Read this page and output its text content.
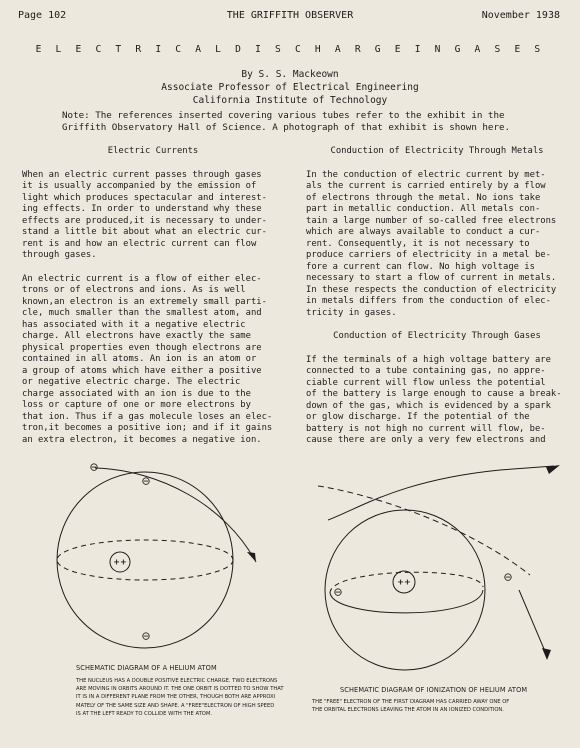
Page 102	THE GRIFFITH OBSERVER	November 1938
E L E C T R I C A L D I S C H A R G E I N G A S E S
By S. S. Mackeown
Associate Professor of Electrical Engineering
California Institute of Technology
Note: The references inserted covering various tubes refer to the exhibit in the
Griffith Observatory Hall of Science. A photograph of that exhibit is shown here.
Electric Currents
When an electric current passes through gases
it is usually accompanied by the emission of
light which produces spectacular and interest-
ing effects. In order to understand why these
effects are produced,it is necessary to under-
stand a little bit about what an electric cur-
rent is and how an electric current can flow
through gases.
An electric current is a flow of either elec-
trons or of electrons and ions. As is well
known,an electron is an extremely small parti-
cle, much smaller than the smallest atom, and
has associated with it a negative electric
charge. All electrons have exactly the same
physical properties even though electrons are
contained in all atoms. An ion is an atom or
a group of atoms which have either a positive
or negative electric charge. The electric
charge associated with an ion is due to the
loss or capture of one or more electrons by
that ion. Thus if a gas molecule loses an elec-
tron,it becomes a positive ion; and if it gains
an extra electron, it becomes a negative ion.
Conduction of Electricity Through Metals
In the conduction of electric current by met-
als the current is carried entirely by a flow
of electrons through the metal. No ions take
part in metallic conduction. All metals con-
tain a large number of so-called free electrons
which are always available to conduct a cur-
rent. Consequently, it is not necessary to
produce carriers of electricity in a metal be-
fore a current can flow. No high voltage is
necessary to start a flow of current in metals.
In these respects the conduction of electricity
in metals differs from the conduction of elec-
tricity in gases.
Conduction of Electricity Through Gases
If the terminals of a high voltage battery are
connected to a tube containing gas, no appre-
ciable current will flow unless the potential
of the battery is large enough to cause a break-
down of the gas, which is evidenced by a spark
or glow discharge. If the potential of the
battery is not high no current will flow, be-
cause there are only a very few electrons and
⊖
⊖
⊖
++
⊖
⊖
++
SCHEMATIC DIAGRAM OF A HELIUM ATOM
THE NUCLEUS HAS A DOUBLE POSITIVE ELECTRIC CHARGE. TWO ELECTRONS
ARE MOVING IN ORBITS AROUND IT. THE ONE ORBIT IS DOTTED TO SHOW THAT
IT IS IN A DIFFERENT PLANE FROM THE OTHER, THOUGH BOTH ARE APPROXI
MATELY OF THE SAME SIZE AND SHAPE. A "FREE"ELECTRON OF HIGH SPEED
IS AT THE LEFT READY TO COLLIDE WITH THE ATOM.
SCHEMATIC DIAGRAM OF IONIZATION OF HELIUM ATOM
THE "FREE" ELECTRON OF THE FIRST DIAGRAM HAS CARRIED AWAY ONE OF
THE ORBITAL ELECTRONS LEAVING THE ATOM IN AN IONIZED CONDITION.
